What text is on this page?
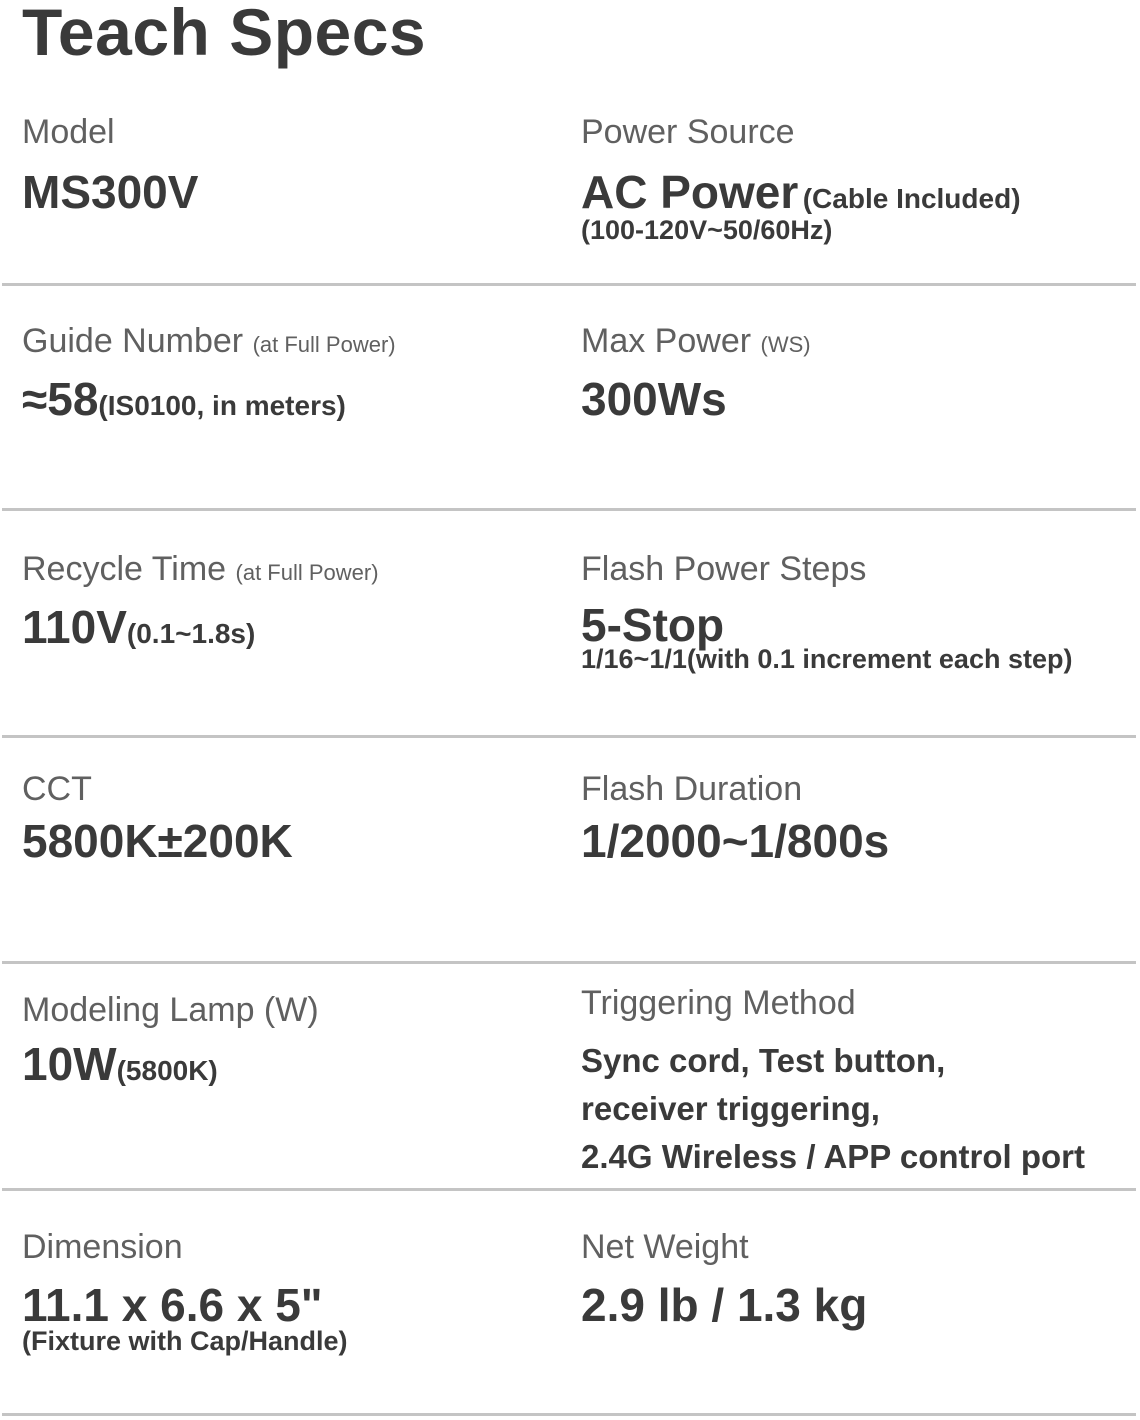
Teach Specs
Model
MS300V
Power Source
AC Power (Cable Included)
(100-120V~50/60Hz)
Guide Number (at Full Power)
≈58(IS0100, in meters)
Max Power (WS)
300Ws
Recycle Time (at Full Power)
110V(0.1~1.8s)
Flash Power Steps
5-Stop
1/16~1/1(with 0.1 increment each step)
CCT
5800K±200K
Flash Duration
1/2000~1/800s
Modeling Lamp (W)
10W(5800K)
Triggering Method
Sync cord, Test button,
receiver triggering,
2.4G Wireless / APP control port
Dimension
11.1 x 6.6 x 5"
(Fixture with Cap/Handle)
Net Weight
2.9 lb / 1.3 kg
